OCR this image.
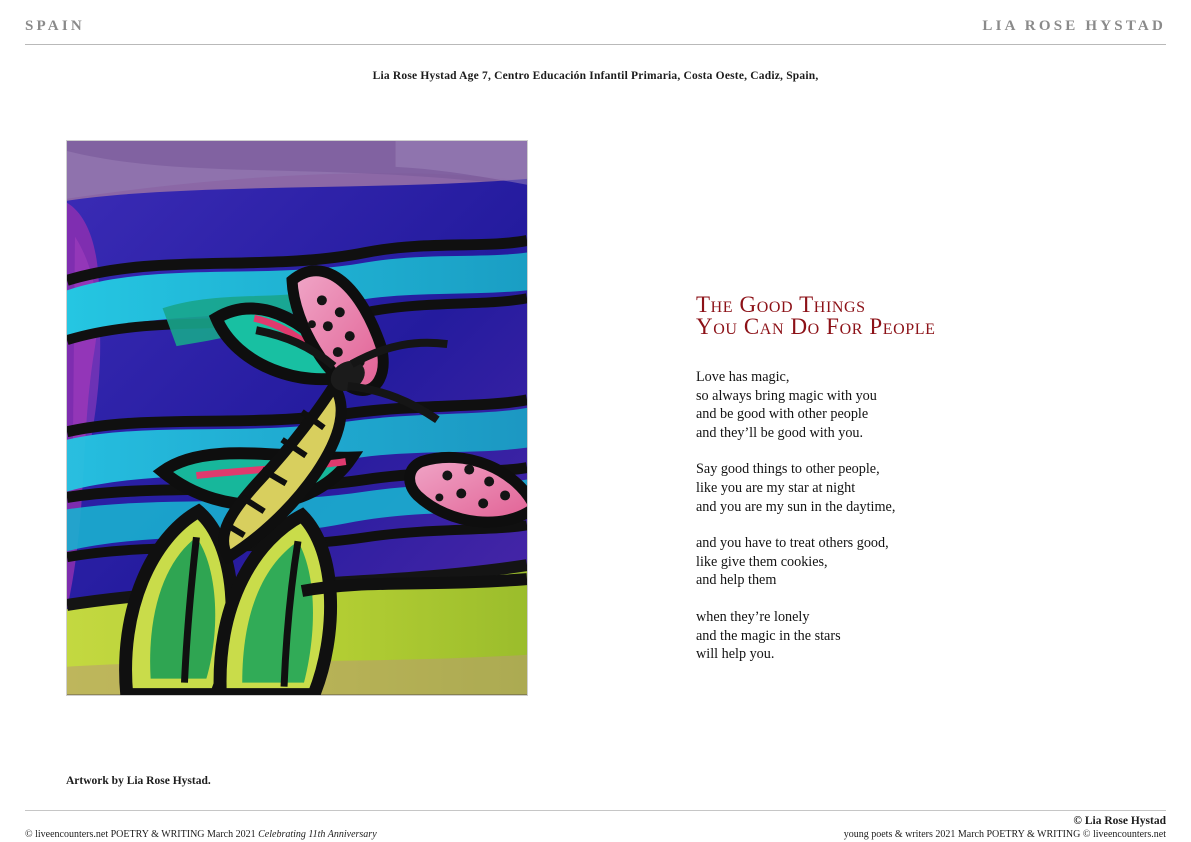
SPAIN	LIA ROSE HYSTAD
Lia Rose Hystad Age 7, Centro Educación Infantil Primaria, Costa Oeste, Cadiz, Spain,
Artwork by Lia Rose Hystad.
The Good Things
You Can Do For People
Love has magic,
so always bring magic with you
and be good with other people
and they’ll be good with you.
Say good things to other people,
like you are my star at night
and you are my sun in the daytime,
and you have to treat others good,
like give them cookies,
and help them
when they’re lonely
and the magic in the stars
will help you.
© liveencounters.net POETRY & WRITING March 2021 Celebrating 11th Anniversary
© Lia Rose Hystad
young poets & writers 2021 March POETRY & WRITING © liveencounters.net
